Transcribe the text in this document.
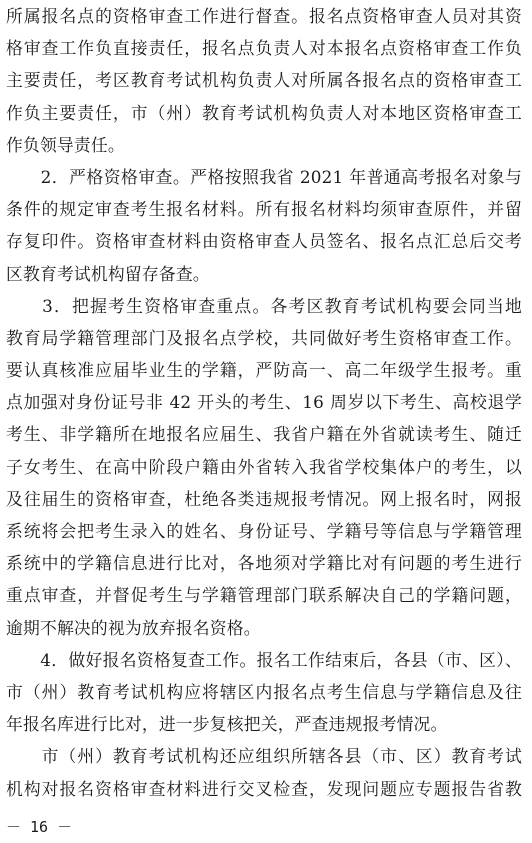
所属报名点的资格审查工作进行督查。报名点资格审查人员对其资
格审查工作负直接责任，报名点负责人对本报名点资格审查工作负
主要责任，考区教育考试机构负责人对所属各报名点的资格审查工
作负主要责任，市（州）教育考试机构负责人对本地区资格审查工
作负领导责任。
　　2．严格资格审查。严格按照我省 2021 年普通高考报名对象与
条件的规定审查考生报名材料。所有报名材料均须审查原件，并留
存复印件。资格审查材料由资格审查人员签名、报名点汇总后交考
区教育考试机构留存备查。
　　3．把握考生资格审查重点。各考区教育考试机构要会同当地
教育局学籍管理部门及报名点学校，共同做好考生资格审查工作。
要认真核准应届毕业生的学籍，严防高一、高二年级学生报考。重
点加强对身份证号非 42 开头的考生、16 周岁以下考生、高校退学
考生、非学籍所在地报名应届生、我省户籍在外省就读考生、随迁
子女考生、在高中阶段户籍由外省转入我省学校集体户的考生，以
及往届生的资格审查，杜绝各类违规报考情况。网上报名时，网报
系统将会把考生录入的姓名、身份证号、学籍号等信息与学籍管理
系统中的学籍信息进行比对，各地须对学籍比对有问题的考生进行
重点审查，并督促考生与学籍管理部门联系解决自己的学籍问题，
逾期不解决的视为放弃报名资格。
　　4．做好报名资格复查工作。报名工作结束后，各县（市、区）、
市（州）教育考试机构应将辖区内报名点考生信息与学籍信息及往
年报名库进行比对，进一步复核把关，严查违规报考情况。
　　市（州）教育考试机构还应组织所辖各县（市、区）教育考试
机构对报名资格审查材料进行交叉检查，发现问题应专题报告省教
－ 16 －
